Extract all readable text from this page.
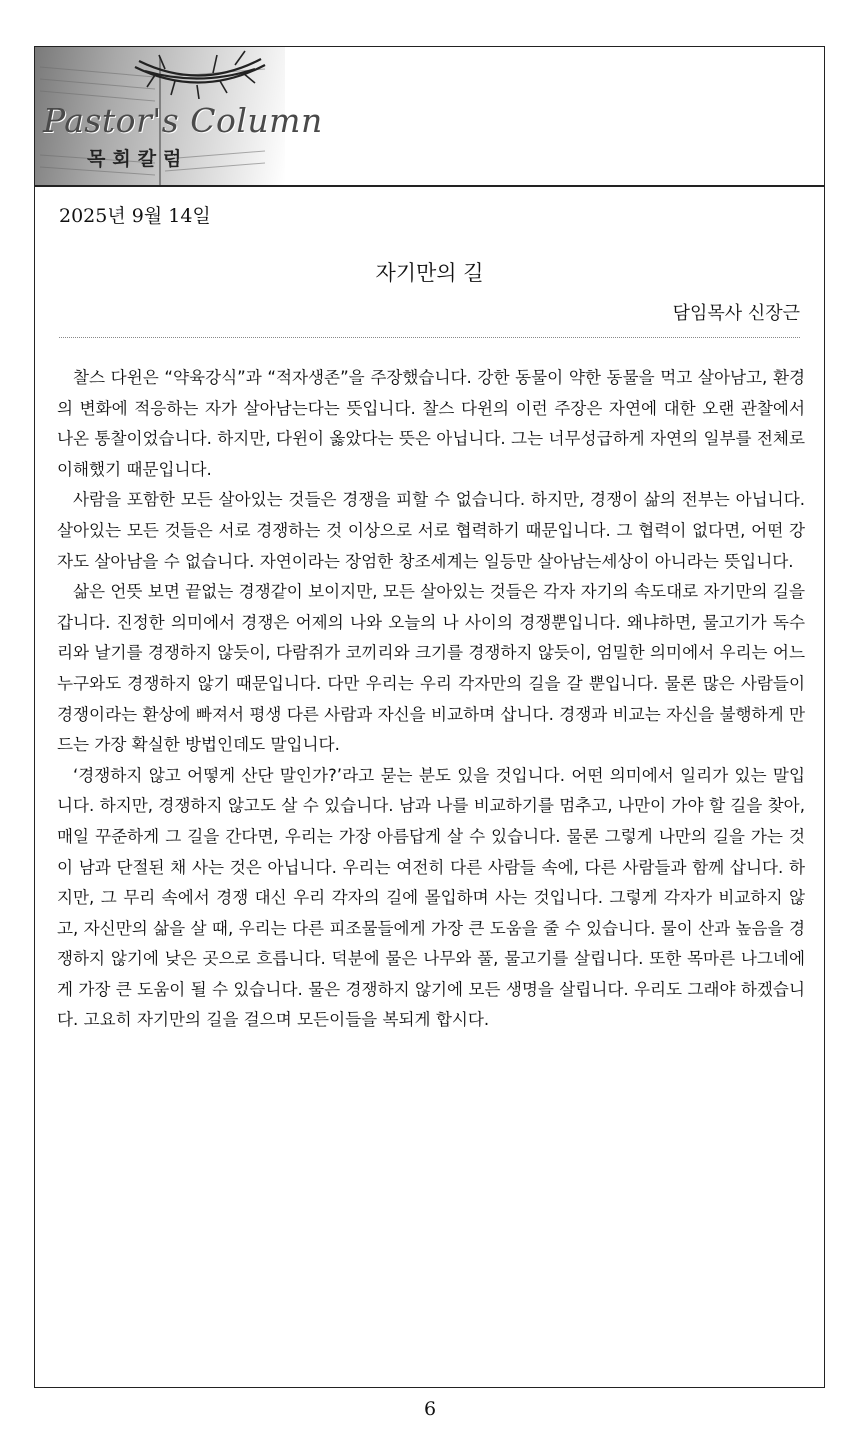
Pastor's Column
목회칼럼
2025년 9월 14일
자기만의 길
담임목사 신장근

찰스 다윈은 “약육강식”과 “적자생존”을 주장했습니다. 강한 동물이 약한 동물을 먹고 살아남고, 환경의 변화에 적응하는 자가 살아남는다는 뜻입니다. 찰스 다윈의 이런 주장은 자연에 대한 오랜 관찰에서 나온 통찰이었습니다. 하지만, 다윈이 옳았다는 뜻은 아닙니다. 그는 너무성급하게 자연의 일부를 전체로 이해했기 때문입니다.

사람을 포함한 모든 살아있는 것들은 경쟁을 피할 수 없습니다. 하지만, 경쟁이 삶의 전부는 아닙니다. 살아있는 모든 것들은 서로 경쟁하는 것 이상으로 서로 협력하기 때문입니다. 그 협력이 없다면, 어떤 강자도 살아남을 수 없습니다. 자연이라는 장엄한 창조세계는 일등만 살아남는세상이 아니라는 뜻입니다.

삶은 언뜻 보면 끝없는 경쟁같이 보이지만, 모든 살아있는 것들은 각자 자기의 속도대로 자기만의 길을 갑니다. 진정한 의미에서 경쟁은 어제의 나와 오늘의 나 사이의 경쟁뿐입니다. 왜냐하면, 물고기가 독수리와 날기를 경쟁하지 않듯이, 다람쥐가 코끼리와 크기를 경쟁하지 않듯이, 엄밀한 의미에서 우리는 어느 누구와도 경쟁하지 않기 때문입니다. 다만 우리는 우리 각자만의 길을 갈 뿐입니다. 물론 많은 사람들이 경쟁이라는 환상에 빠져서 평생 다른 사람과 자신을 비교하며 삽니다. 경쟁과 비교는 자신을 불행하게 만드는 가장 확실한 방법인데도 말입니다.

‘경쟁하지 않고 어떻게 산단 말인가?’라고 묻는 분도 있을 것입니다. 어떤 의미에서 일리가 있는 말입니다. 하지만, 경쟁하지 않고도 살 수 있습니다. 남과 나를 비교하기를 멈추고, 나만이 가야 할 길을 찾아, 매일 꾸준하게 그 길을 간다면, 우리는 가장 아름답게 살 수 있습니다. 물론 그렇게 나만의 길을 가는 것이 남과 단절된 채 사는 것은 아닙니다. 우리는 여전히 다른 사람들 속에, 다른 사람들과 함께 삽니다. 하지만, 그 무리 속에서 경쟁 대신 우리 각자의 길에 몰입하며 사는 것입니다. 그렇게 각자가 비교하지 않고, 자신만의 삶을 살 때, 우리는 다른 피조물들에게 가장 큰 도움을 줄 수 있습니다. 물이 산과 높음을 경쟁하지 않기에 낮은 곳으로 흐릅니다. 덕분에 물은 나무와 풀, 물고기를 살립니다. 또한 목마른 나그네에게 가장 큰 도움이 될 수 있습니다. 물은 경쟁하지 않기에 모든 생명을 살립니다. 우리도 그래야 하겠습니다. 고요히 자기만의 길을 걸으며 모든이들을 복되게 합시다.

6
